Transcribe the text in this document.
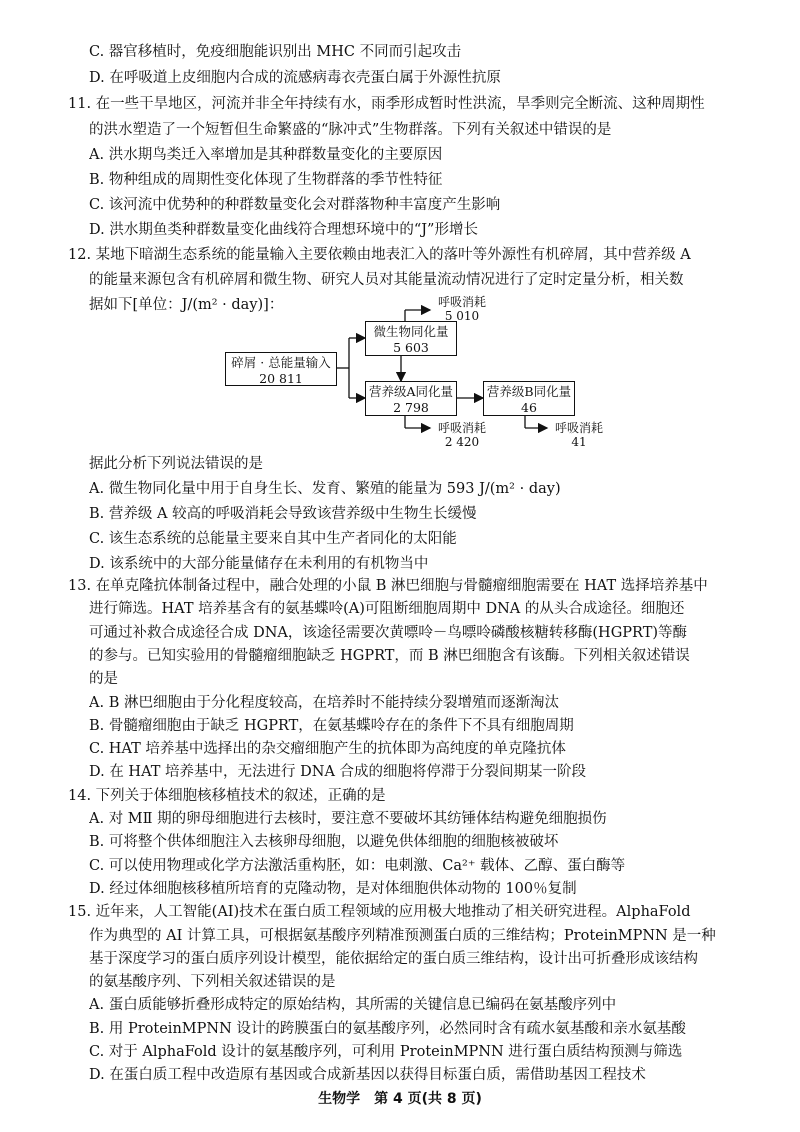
C. 器官移植时，免疫细胞能识别出 MHC 不同而引起攻击
D. 在呼吸道上皮细胞内合成的流感病毒衣壳蛋白属于外源性抗原
11. 在一些干旱地区，河流并非全年持续有水，雨季形成暂时性洪流，旱季则完全断流、这种周期性
的洪水塑造了一个短暂但生命繁盛的“脉冲式”生物群落。下列有关叙述中错误的是
A. 洪水期鸟类迁入率增加是其种群数量变化的主要原因
B. 物种组成的周期性变化体现了生物群落的季节性特征
C. 该河流中优势种的种群数量变化会对群落物种丰富度产生影响
D. 洪水期鱼类种群数量变化曲线符合理想环境中的“J”形增长
12. 某地下暗湖生态系统的能量输入主要依赖由地表汇入的落叶等外源性有机碎屑，其中营养级 A
的能量来源包含有机碎屑和微生物、研究人员对其能量流动情况进行了定时定量分析，相关数
据如下[单位：J/(m² · day)]：
碎屑 · 总能量输入
20 811
微生物同化量
5 603
营养级A同化量
2 798
营养级B同化量
46
呼吸消耗
5 010
呼吸消耗
2 420
呼吸消耗
41
据此分析下列说法错误的是
A. 微生物同化量中用于自身生长、发育、繁殖的能量为 593 J/(m² · day)
B. 营养级 A 较高的呼吸消耗会导致该营养级中生物生长缓慢
C. 该生态系统的总能量主要来自其中生产者同化的太阳能
D. 该系统中的大部分能量储存在未利用的有机物当中
生物学　第 4 页(共 8 页)
13. 在单克隆抗体制备过程中，融合处理的小鼠 B 淋巴细胞与骨髓瘤细胞需要在 HAT 选择培养基中
进行筛选。HAT 培养基含有的氨基蝶呤(A)可阻断细胞周期中 DNA 的从头合成途径。细胞还
可通过补救合成途径合成 DNA，该途径需要次黄嘌呤－鸟嘌呤磷酸核糖转移酶(HGPRT)等酶
的参与。已知实验用的骨髓瘤细胞缺乏 HGPRT，而 B 淋巴细胞含有该酶。下列相关叙述错误
的是
A. B 淋巴细胞由于分化程度较高，在培养时不能持续分裂增殖而逐渐淘汰
B. 骨髓瘤细胞由于缺乏 HGPRT，在氨基蝶呤存在的条件下不具有细胞周期
C. HAT 培养基中选择出的杂交瘤细胞产生的抗体即为高纯度的单克隆抗体
D. 在 HAT 培养基中，无法进行 DNA 合成的细胞将停滞于分裂间期某一阶段
14. 下列关于体细胞核移植技术的叙述，正确的是
A. 对 MⅡ 期的卵母细胞进行去核时，要注意不要破坏其纺锤体结构避免细胞损伤
B. 可将整个供体细胞注入去核卵母细胞，以避免供体细胞的细胞核被破坏
C. 可以使用物理或化学方法激活重构胚，如：电刺激、Ca²⁺ 载体、乙醇、蛋白酶等
D. 经过体细胞核移植所培育的克隆动物，是对体细胞供体动物的 100％复制
15. 近年来，人工智能(AI)技术在蛋白质工程领域的应用极大地推动了相关研究进程。AlphaFold
作为典型的 AI 计算工具，可根据氨基酸序列精准预测蛋白质的三维结构；ProteinMPNN 是一种
基于深度学习的蛋白质序列设计模型，能依据给定的蛋白质三维结构，设计出可折叠形成该结构
的氨基酸序列、下列相关叙述错误的是
A. 蛋白质能够折叠形成特定的原始结构，其所需的关键信息已编码在氨基酸序列中
B. 用 ProteinMPNN 设计的跨膜蛋白的氨基酸序列，必然同时含有疏水氨基酸和亲水氨基酸
C. 对于 AlphaFold 设计的氨基酸序列，可利用 ProteinMPNN 进行蛋白质结构预测与筛选
D. 在蛋白质工程中改造原有基因或合成新基因以获得目标蛋白质，需借助基因工程技术
